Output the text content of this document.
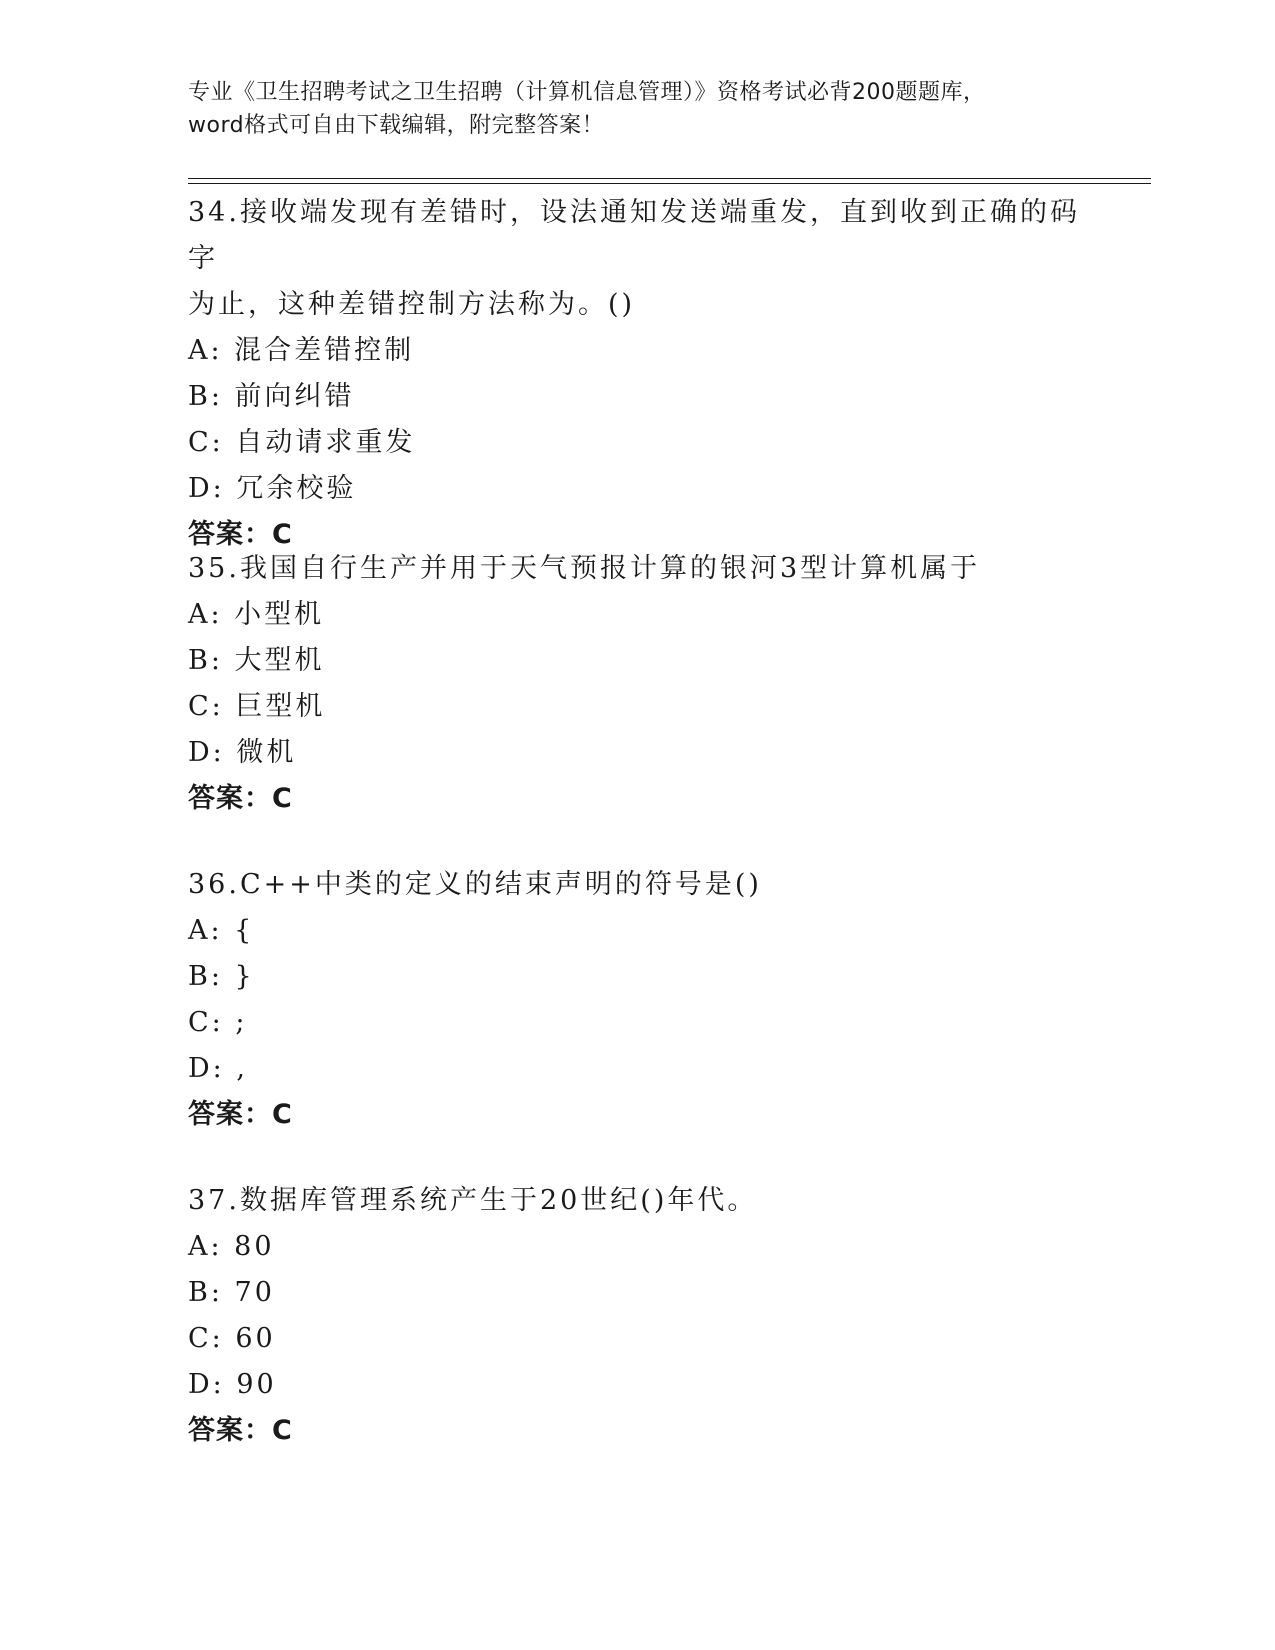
专业《卫生招聘考试之卫生招聘（计算机信息管理）》资格考试必背200题题库，
word格式可自由下载编辑，附完整答案！
34.接收端发现有差错时，设法通知发送端重发，直到收到正确的码字
为止，这种差错控制方法称为。()
A: 混合差错控制
B: 前向纠错
C: 自动请求重发
D: 冗余校验
答案：C
35.我国自行生产并用于天气预报计算的银河3型计算机属于
A: 小型机
B: 大型机
C: 巨型机
D: 微机
答案：C
36.C++中类的定义的结束声明的符号是()
A: {
B: }
C: ;
D: ,
答案：C
37.数据库管理系统产生于20世纪()年代。
A: 80
B: 70
C: 60
D: 90
答案：C
